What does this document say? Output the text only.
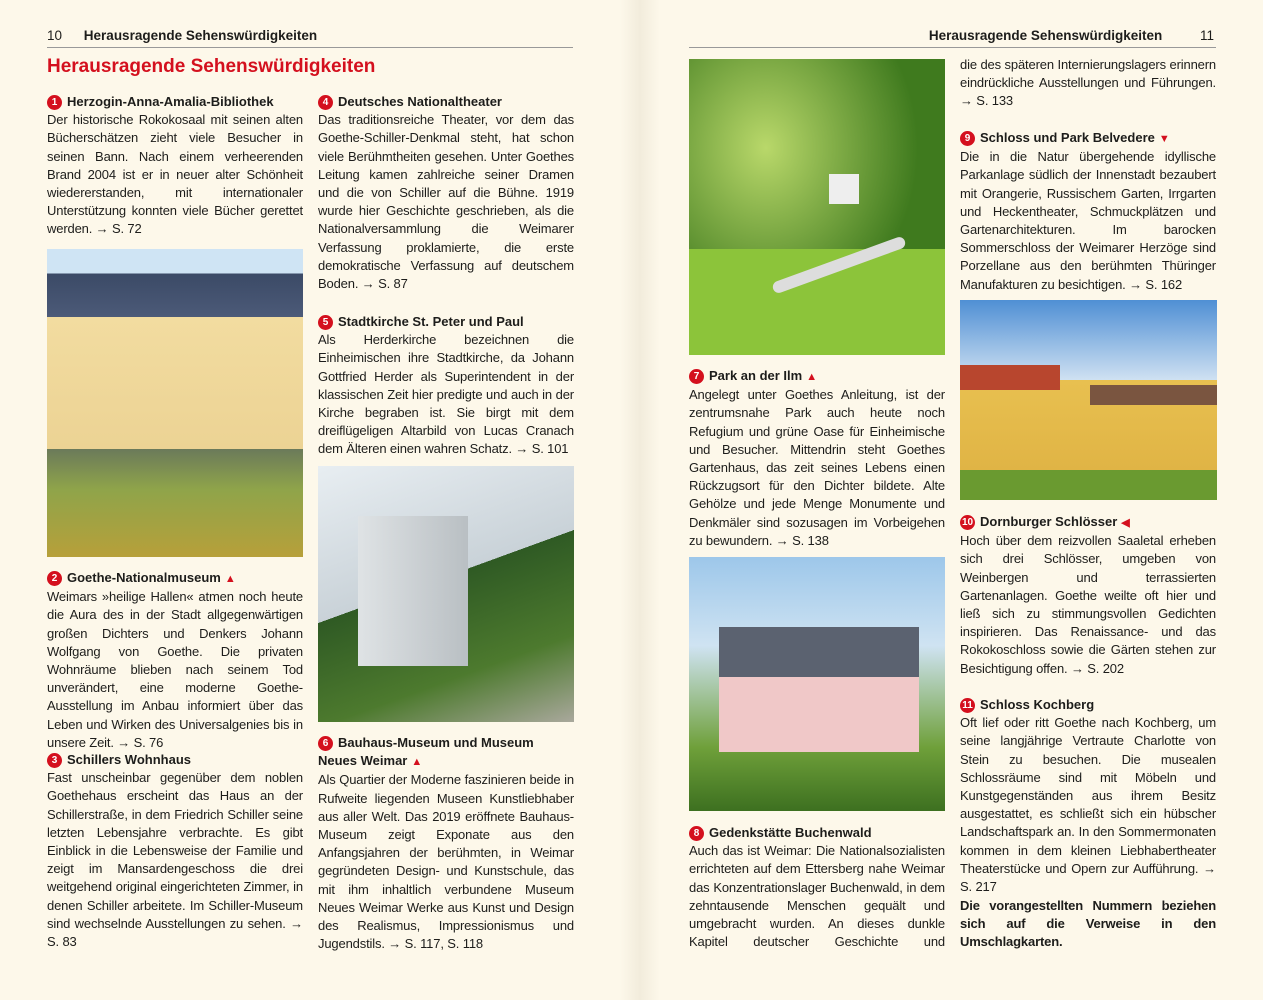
10 Herausragende Sehenswürdigkeiten	Herausragende Sehenswürdigkeiten	11
Herausragende Sehenswürdigkeiten
1 Herzogin-Anna-Amalia-Bibliothek

Der historische Rokokosaal mit seinen alten Bücherschätzen zieht viele Besucher in seinen Bann. Nach einem verheerenden Brand 2004 ist er in neuer alter Schönheit wiedererstanden, mit internationaler Unterstützung konnten viele Bücher gerettet werden. → S. 72

2 Goethe-Nationalmuseum ▲

Weimars »heilige Hallen« atmen noch heute die Aura des in der Stadt allgegenwärtigen großen Dichters und Denkers Johann Wolfgang von Goethe. Die privaten Wohnräume blieben nach seinem Tod unverändert, eine moderne Goethe-Ausstellung im Anbau informiert über das Leben und Wirken des Universalgenies bis in unsere Zeit. → S. 76

3 Schillers Wohnhaus

Fast unscheinbar gegenüber dem noblen Goethehaus erscheint das Haus an der Schillerstraße, in dem Friedrich Schiller seine letzten Lebensjahre verbrachte. Es gibt Einblick in die Lebensweise der Familie und zeigt im Mansardengeschoss die drei weitgehend original eingerichteten Zimmer, in denen Schiller arbeitete. Im Schiller-Museum sind wechselnde Ausstellungen zu sehen. → S. 83

4 Deutsches Nationaltheater

Das traditionsreiche Theater, vor dem das Goethe-Schiller-Denkmal steht, hat schon viele Berühmtheiten gesehen. Unter Goethes Leitung kamen zahlreiche seiner Dramen und die von Schiller auf die Bühne. 1919 wurde hier Geschichte geschrieben, als die Nationalversammlung die Weimarer Verfassung proklamierte, die erste demokratische Verfassung auf deutschem Boden. → S. 87

5 Stadtkirche St. Peter und Paul

Als Herderkirche bezeichnen die Einheimischen ihre Stadtkirche, da Johann Gottfried Herder als Superintendent in der klassischen Zeit hier predigte und auch in der Kirche begraben ist. Sie birgt mit dem dreiflügeligen Altarbild von Lucas Cranach dem Älteren einen wahren Schatz. → S. 101

6 Bauhaus-Museum und Museum Neues Weimar ▲

Als Quartier der Moderne faszinieren beide in Rufweite liegenden Museen Kunstliebhaber aus aller Welt. Das 2019 eröffnete Bauhaus-Museum zeigt Exponate aus den Anfangsjahren der berühmten, in Weimar gegründeten Design- und Kunstschule, das mit ihm inhaltlich verbundene Museum Neues Weimar Werke aus Kunst und Design des Realismus, Impressionismus und Jugendstils. → S. 117, S. 118

7 Park an der Ilm ▲

Angelegt unter Goethes Anleitung, ist der zentrumsnahe Park auch heute noch Refugium und grüne Oase für Einheimische und Besucher. Mittendrin steht Goethes Gartenhaus, das zeit seines Lebens einen Rückzugsort für den Dichter bildete. Alte Gehölze und jede Menge Monumente und Denkmäler sind sozusagen im Vorbeigehen zu bewundern. → S. 138

8 Gedenkstätte Buchenwald

Auch das ist Weimar: Die Nationalsozialisten errichteten auf dem Ettersberg nahe Weimar das Konzentrationslager Buchenwald, in dem zehntausende Menschen gequält und umgebracht wurden. An dieses dunkle Kapitel deutscher Geschichte und

die des späteren Internierungslagers erinnern eindrückliche Ausstellungen und Führungen. → S. 133

9 Schloss und Park Belvedere ▼

Die in die Natur übergehende idyllische Parkanlage südlich der Innenstadt bezaubert mit Orangerie, Russischem Garten, Irrgarten und Heckentheater, Schmuckplätzen und Gartenarchitekturen. Im barocken Sommerschloss der Weimarer Herzöge sind Porzellane aus den berühmten Thüringer Manufakturen zu besichtigen. → S. 162

10 Dornburger Schlösser ◀

Hoch über dem reizvollen Saaletal erheben sich drei Schlösser, umgeben von Weinbergen und terrassierten Gartenanlagen. Goethe weilte oft hier und ließ sich zu stimmungsvollen Gedichten inspirieren. Das Renaissance- und das Rokokoschloss sowie die Gärten stehen zur Besichtigung offen. → S. 202

11 Schloss Kochberg

Oft lief oder ritt Goethe nach Kochberg, um seine langjährige Vertraute Charlotte von Stein zu besuchen. Die musealen Schlossräume sind mit Möbeln und Kunstgegenständen aus ihrem Besitz ausgestattet, es schließt sich ein hübscher Landschaftspark an. In den Sommermonaten kommen in dem kleinen Liebhabertheater Theaterstücke und Opern zur Aufführung. → S. 217

Die vorangestellten Nummern beziehen sich auf die Verweise in den Umschlagkarten.
